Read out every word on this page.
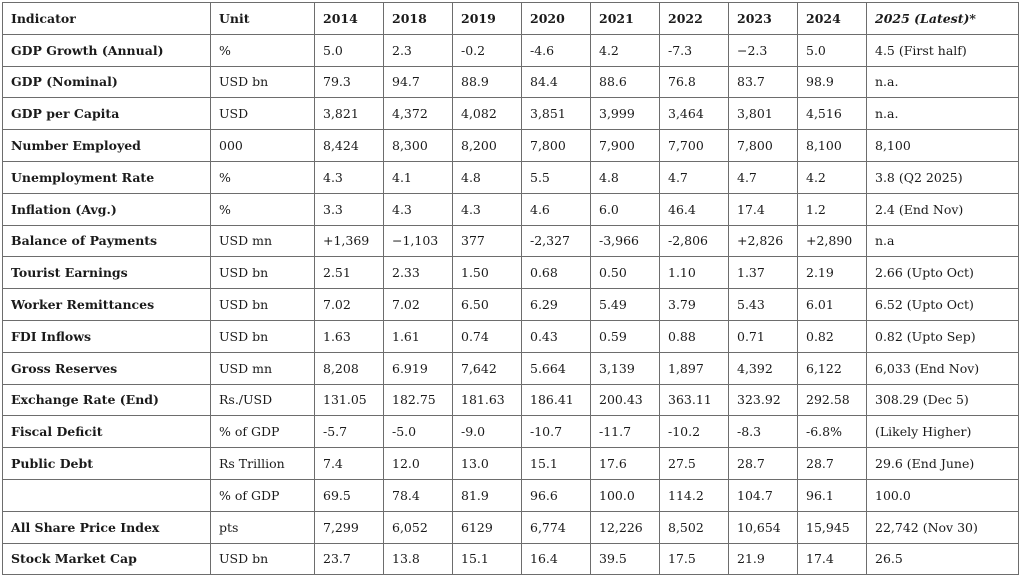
Indicator	Unit	2014	2018	2019	2020	2021	2022	2023	2024	2025 (Latest)*
GDP Growth (Annual)	%	5.0	2.3	-0.2	-4.6	4.2	-7.3	−2.3	5.0	4.5 (First half)
GDP (Nominal)	USD bn	79.3	94.7	88.9	84.4	88.6	76.8	83.7	98.9	n.a.
GDP per Capita	USD	3,821	4,372	4,082	3,851	3,999	3,464	3,801	4,516	n.a.
Number Employed	000	8,424	8,300	8,200	7,800	7,900	7,700	7,800	8,100	8,100
Unemployment Rate	%	4.3	4.1	4.8	5.5	4.8	4.7	4.7	4.2	3.8 (Q2 2025)
Inflation (Avg.)	%	3.3	4.3	4.3	4.6	6.0	46.4	17.4	1.2	2.4 (End Nov)
Balance of Payments	USD mn	+1,369	−1,103	377	-2,327	-3,966	-2,806	+2,826	+2,890	n.a
Tourist Earnings	USD bn	2.51	2.33	1.50	0.68	0.50	1.10	1.37	2.19	2.66 (Upto Oct)
Worker Remittances	USD bn	7.02	7.02	6.50	6.29	5.49	3.79	5.43	6.01	6.52 (Upto Oct)
FDI Inflows	USD bn	1.63	1.61	0.74	0.43	0.59	0.88	0.71	0.82	0.82 (Upto Sep)
Gross Reserves	USD mn	8,208	6.919	7,642	5.664	3,139	1,897	4,392	6,122	6,033 (End Nov)
Exchange Rate (End)	Rs./USD	131.05	182.75	181.63	186.41	200.43	363.11	323.92	292.58	308.29 (Dec 5)
Fiscal Deficit	% of GDP	-5.7	-5.0	-9.0	-10.7	-11.7	-10.2	-8.3	-6.8%	(Likely Higher)
Public Debt	Rs Trillion	7.4	12.0	13.0	15.1	17.6	27.5	28.7	28.7	29.6 (End June)
	% of GDP	69.5	78.4	81.9	96.6	100.0	114.2	104.7	96.1	100.0
All Share Price Index	pts	7,299	6,052	6129	6,774	12,226	8,502	10,654	15,945	22,742 (Nov 30)
Stock Market Cap	USD bn	23.7	13.8	15.1	16.4	39.5	17.5	21.9	17.4	26.5
